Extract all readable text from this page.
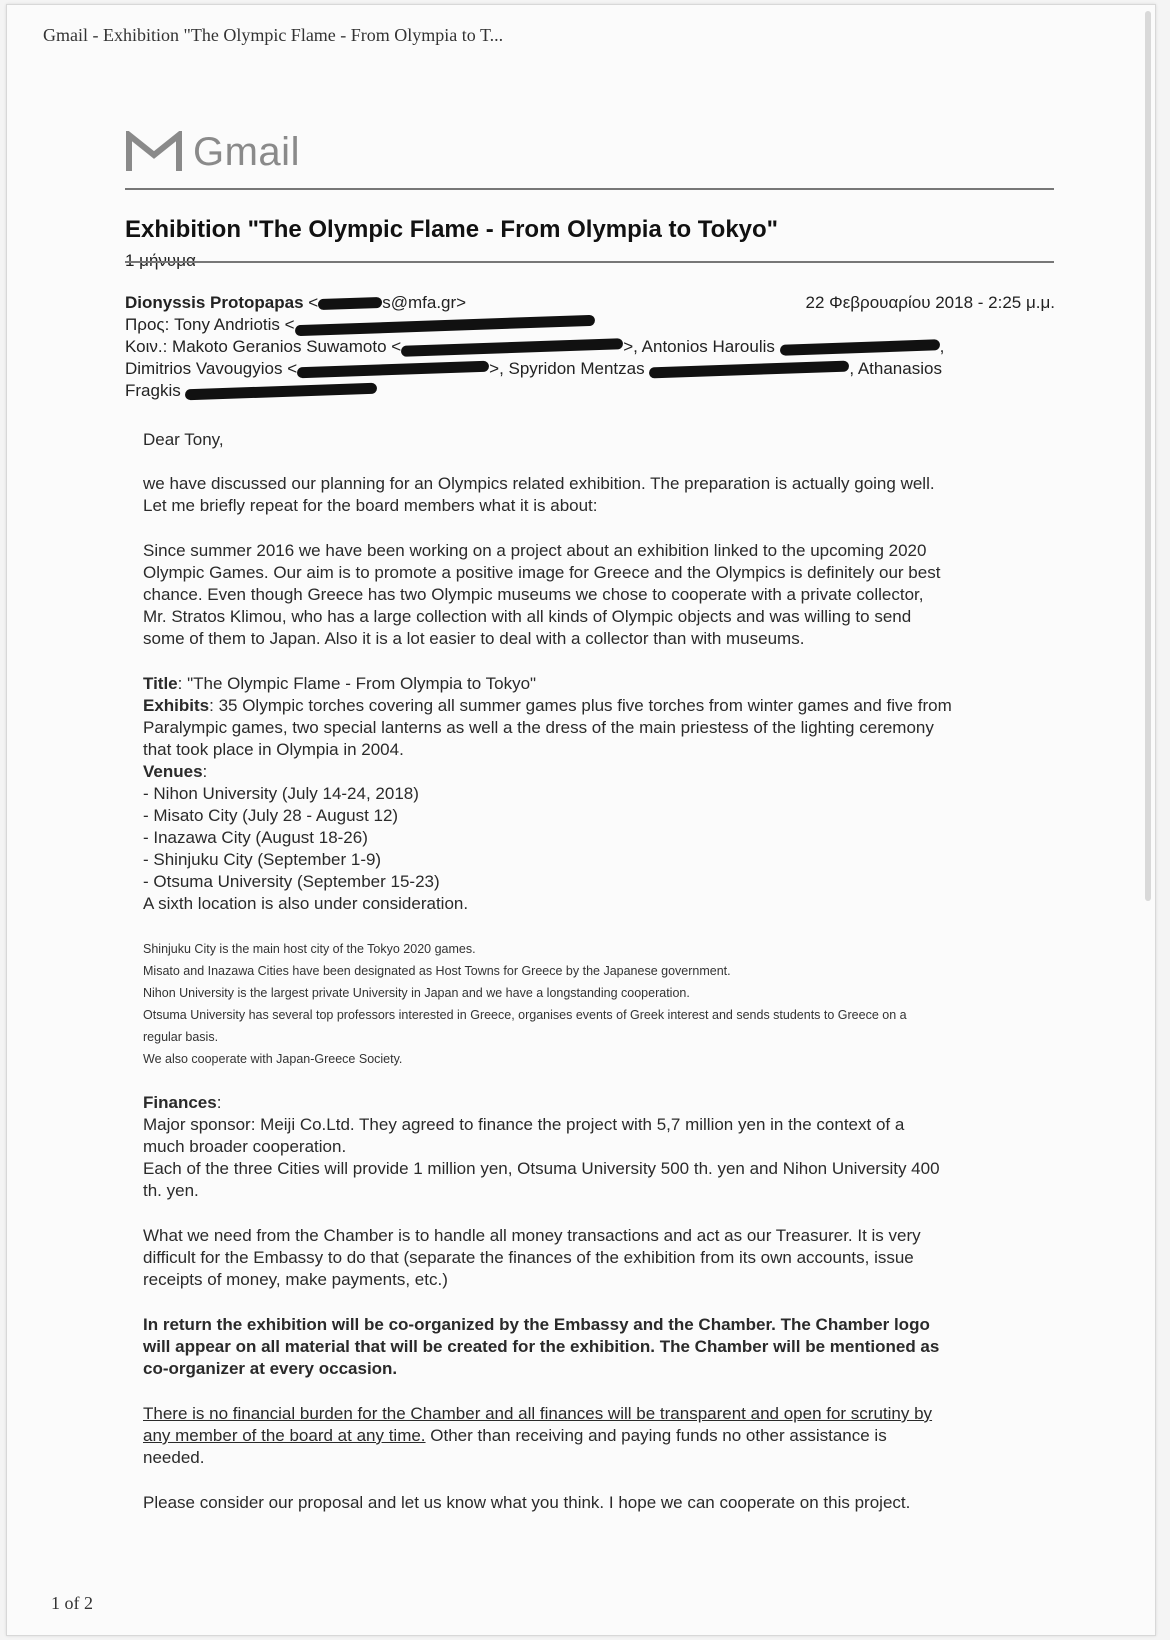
Gmail - Exhibition "The Olympic Flame - From Olympia to T...
Gmail
Exhibition "The Olympic Flame - From Olympia to Tokyo"
Dionyssis Protopapas <	s@mfa.gr>	22 Φεβρουαρίου 2018 - 2:25 μ.μ.
Προς: Tony Andriotis <
Κοιν.: Makoto Geranios Suwamoto <	>, Antonios Haroulis	,
Dimitrios Vavougyios <	>, Spyridon Mentzas	, Athanasios
Fragkis

Dear Tony,

we have discussed our planning for an Olympics related exhibition. The preparation is actually going well.

Let me briefly repeat for the board members what it is about:

Since summer 2016 we have been working on a project about an exhibition linked to the upcoming 2020

Olympic Games. Our aim is to promote a positive image for Greece and the Olympics is definitely our best

chance. Even though Greece has two Olympic museums we chose to cooperate with a private collector,

Mr. Stratos Klimou, who has a large collection with all kinds of Olympic objects and was willing to send

some of them to Japan. Also it is a lot easier to deal with a collector than with museums.

Title: "The Olympic Flame - From Olympia to Tokyo"

Exhibits: 35 Olympic torches covering all summer games plus five torches from winter games and five from

Paralympic games, two special lanterns as well a the dress of the main priestess of the lighting ceremony

that took place in Olympia in 2004.

Venues:

- Nihon University (July 14-24, 2018)

- Misato City (July 28 - August 12)

- Inazawa City (August 18-26)

- Shinjuku City (September 1-9)

- Otsuma University (September 15-23)

A sixth location is also under consideration.

Shinjuku City is the main host city of the Tokyo 2020 games.

Misato and Inazawa Cities have been designated as Host Towns for Greece by the Japanese government.

Nihon University is the largest private University in Japan and we have a longstanding cooperation.

Otsuma University has several top professors interested in Greece, organises events of Greek interest and sends students to Greece on a

regular basis.

We also cooperate with Japan-Greece Society.

Finances:

Major sponsor: Meiji Co.Ltd. They agreed to finance the project with 5,7 million yen in the context of a

much broader cooperation.

Each of the three Cities will provide 1 million yen, Otsuma University 500 th. yen and Nihon University 400

th. yen.

What we need from the Chamber is to handle all money transactions and act as our Treasurer. It is very

difficult for the Embassy to do that (separate the finances of the exhibition from its own accounts, issue

receipts of money, make payments, etc.)

In return the exhibition will be co-organized by the Embassy and the Chamber. The Chamber logo

will appear on all material that will be created for the exhibition. The Chamber will be mentioned as

co-organizer at every occasion.

There is no financial burden for the Chamber and all finances will be transparent and open for scrutiny by

any member of the board at any time. Other than receiving and paying funds no other assistance is

needed.

Please consider our proposal and let us know what you think. I hope we can cooperate on this project.

1 of 2
